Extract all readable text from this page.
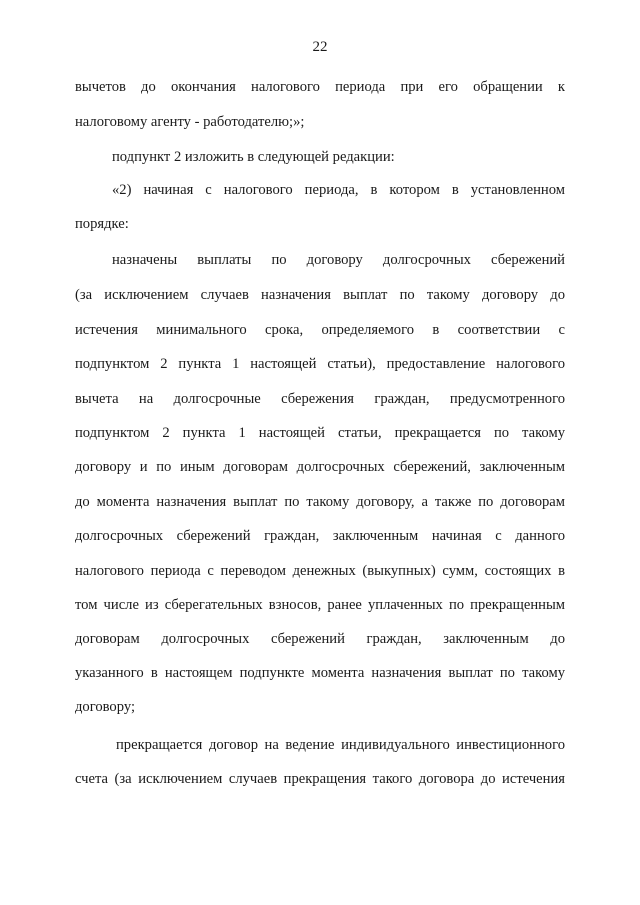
22
вычетов до окончания налогового периода при его обращении к
налоговому агенту - работодателю;»;
подпункт 2 изложить в следующей редакции:
«2) начиная с налогового периода, в котором в установленном
порядке:
назначены выплаты по договору долгосрочных сбережений
(за исключением случаев назначения выплат по такому договору до
истечения минимального срока, определяемого в соответствии с
подпунктом 2 пункта 1 настоящей статьи), предоставление налогового
вычета на долгосрочные сбережения граждан, предусмотренного
подпунктом 2 пункта 1 настоящей статьи, прекращается по такому
договору и по иным договорам долгосрочных сбережений, заключенным
до момента назначения выплат по такому договору, а также по договорам
долгосрочных сбережений граждан, заключенным начиная с данного
налогового периода с переводом денежных (выкупных) сумм, состоящих в
том числе из сберегательных взносов, ранее уплаченных по прекращенным
договорам долгосрочных сбережений граждан, заключенным до
указанного в настоящем подпункте момента назначения выплат по такому
договору;
прекращается договор на ведение индивидуального инвестиционного
счета (за исключением случаев прекращения такого договора до истечения
